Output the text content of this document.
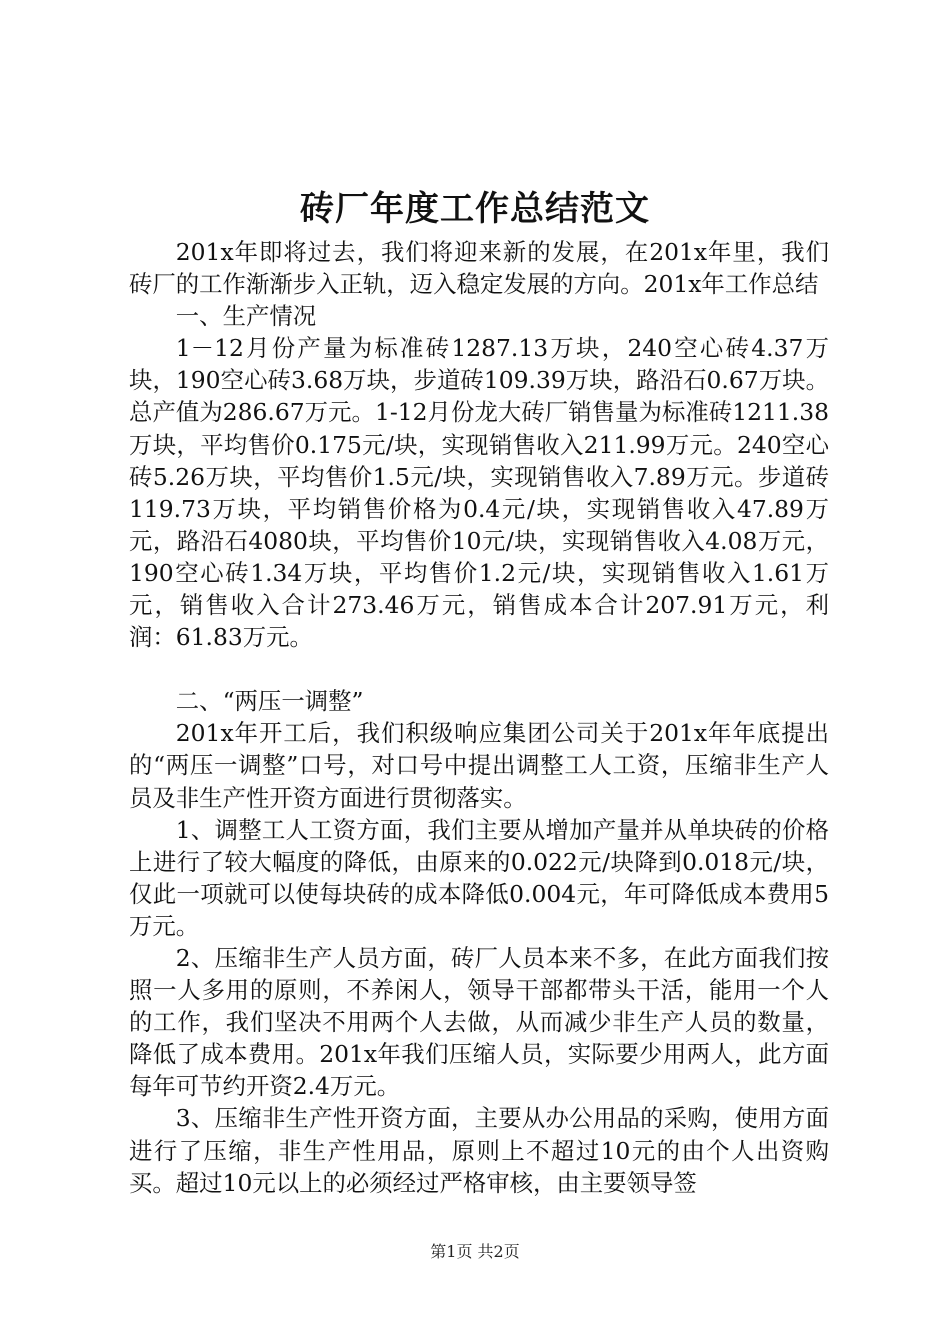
砖厂年度工作总结范文

201x年即将过去，我们将迎来新的发展，在201x年里，我们砖厂的工作渐渐步入正轨，迈入稳定发展的方向。201x年工作总结

一、生产情况

1－12月份产量为标准砖1287.13万块，240空心砖4.37万块，190空心砖3.68万块，步道砖109.39万块，路沿石0.67万块。总产值为286.67万元。1-12月份龙大砖厂销售量为标准砖1211.38万块，平均售价0.175元/块，实现销售收入211.99万元。240空心砖5.26万块，平均售价1.5元/块，实现销售收入7.89万元。步道砖119.73万块，平均销售价格为0.4元/块，实现销售收入47.89万元，路沿石4080块，平均售价10元/块，实现销售收入4.08万元，190空心砖1.34万块，平均售价1.2元/块，实现销售收入1.61万元，销售收入合计273.46万元，销售成本合计207.91万元，利润：61.83万元。

二、“两压一调整”

201x年开工后，我们积级响应集团公司关于201x年年底提出的“两压一调整”口号，对口号中提出调整工人工资，压缩非生产人员及非生产性开资方面进行贯彻落实。

1、调整工人工资方面，我们主要从增加产量并从单块砖的价格上进行了较大幅度的降低，由原来的0.022元/块降到0.018元/块，仅此一项就可以使每块砖的成本降低0.004元，年可降低成本费用5万元。

2、压缩非生产人员方面，砖厂人员本来不多，在此方面我们按照一人多用的原则，不养闲人，领导干部都带头干活，能用一个人的工作，我们坚决不用两个人去做，从而减少非生产人员的数量，降低了成本费用。201x年我们压缩人员，实际要少用两人，此方面每年可节约开资2.4万元。

3、压缩非生产性开资方面，主要从办公用品的采购，使用方面进行了压缩，非生产性用品，原则上不超过10元的由个人出资购买。超过10元以上的必须经过严格审核，由主要领导签

第1页 共2页
